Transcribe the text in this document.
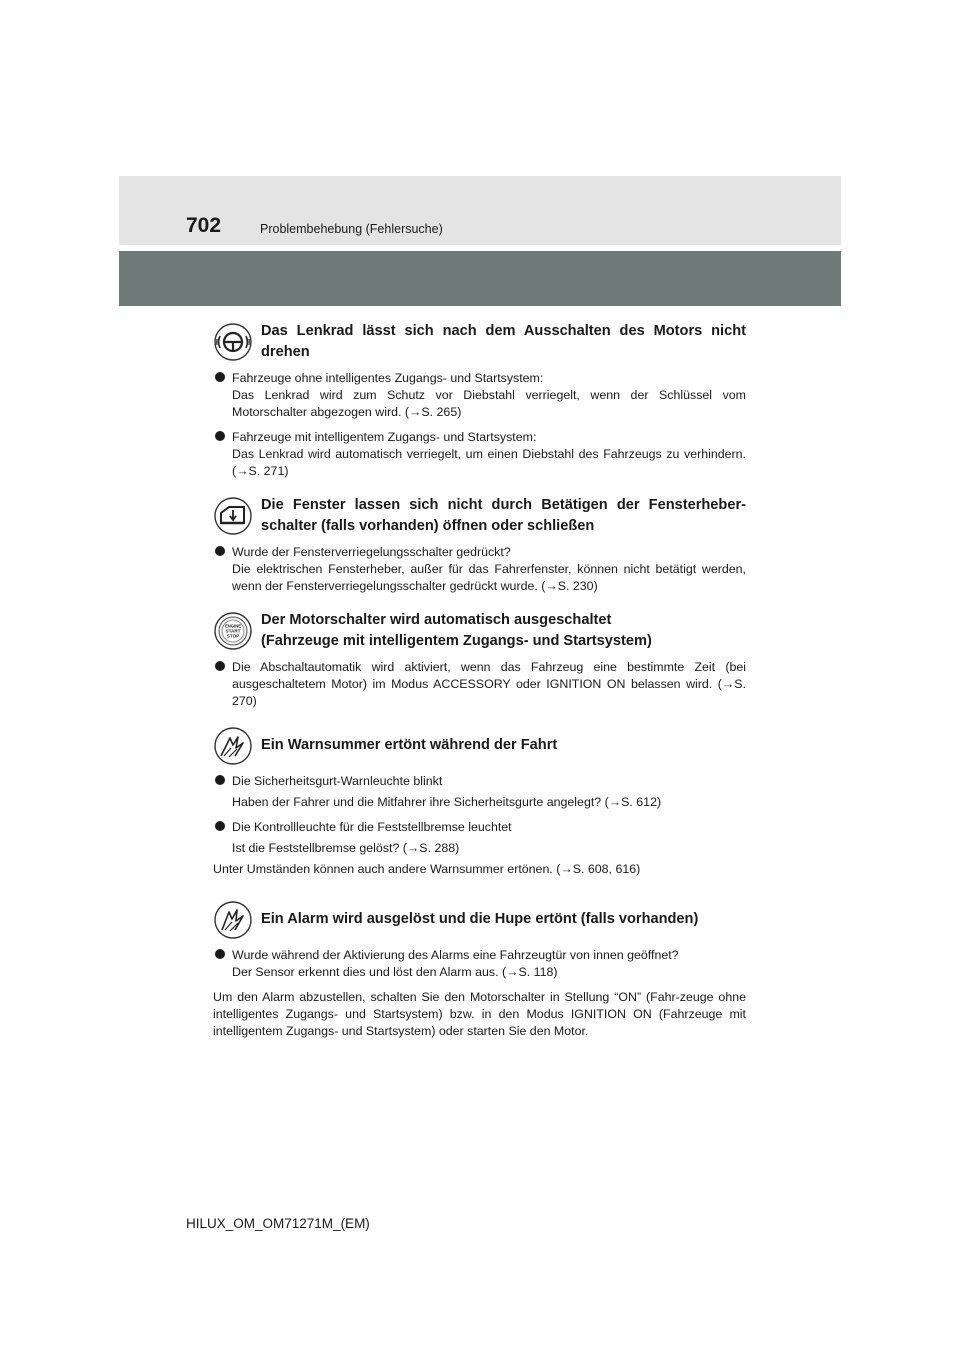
702	Problembehebung (Fehlersuche)
Das Lenkrad lässt sich nach dem Ausschalten des Motors nicht drehen
Fahrzeuge ohne intelligentes Zugangs- und Startsystem:
Das Lenkrad wird zum Schutz vor Diebstahl verriegelt, wenn der Schlüssel vom Motorschalter abgezogen wird. (→S. 265)
Fahrzeuge mit intelligentem Zugangs- und Startsystem:
Das Lenkrad wird automatisch verriegelt, um einen Diebstahl des Fahrzeugs zu verhindern. (→S. 271)
Die Fenster lassen sich nicht durch Betätigen der Fensterheber-schalter (falls vorhanden) öffnen oder schließen
Wurde der Fensterverriegelungsschalter gedrückt?
Die elektrischen Fensterheber, außer für das Fahrerfenster, können nicht betätigt werden, wenn der Fensterverriegelungsschalter gedrückt wurde. (→S. 230)
ENGINE
START
STOP
Der Motorschalter wird automatisch ausgeschaltet
(Fahrzeuge mit intelligentem Zugangs- und Startsystem)
Die Abschaltautomatik wird aktiviert, wenn das Fahrzeug eine bestimmte Zeit (bei ausgeschaltetem Motor) im Modus ACCESSORY oder IGNITION ON belassen wird. (→S. 270)
Ein Warnsummer ertönt während der Fahrt
Die Sicherheitsgurt-Warnleuchte blinkt
Haben der Fahrer und die Mitfahrer ihre Sicherheitsgurte angelegt? (→S. 612)
Die Kontrollleuchte für die Feststellbremse leuchtet
Ist die Feststellbremse gelöst? (→S. 288)
Unter Umständen können auch andere Warnsummer ertönen. (→S. 608, 616)
Ein Alarm wird ausgelöst und die Hupe ertönt (falls vorhanden)
Wurde während der Aktivierung des Alarms eine Fahrzeugtür von innen geöffnet?
Der Sensor erkennt dies und löst den Alarm aus. (→S. 118)
Um den Alarm abzustellen, schalten Sie den Motorschalter in Stellung “ON” (Fahr-zeuge ohne intelligentes Zugangs- und Startsystem) bzw. in den Modus IGNITION ON (Fahrzeuge mit intelligentem Zugangs- und Startsystem) oder starten Sie den Motor.
HILUX_OM_OM71271M_(EM)
